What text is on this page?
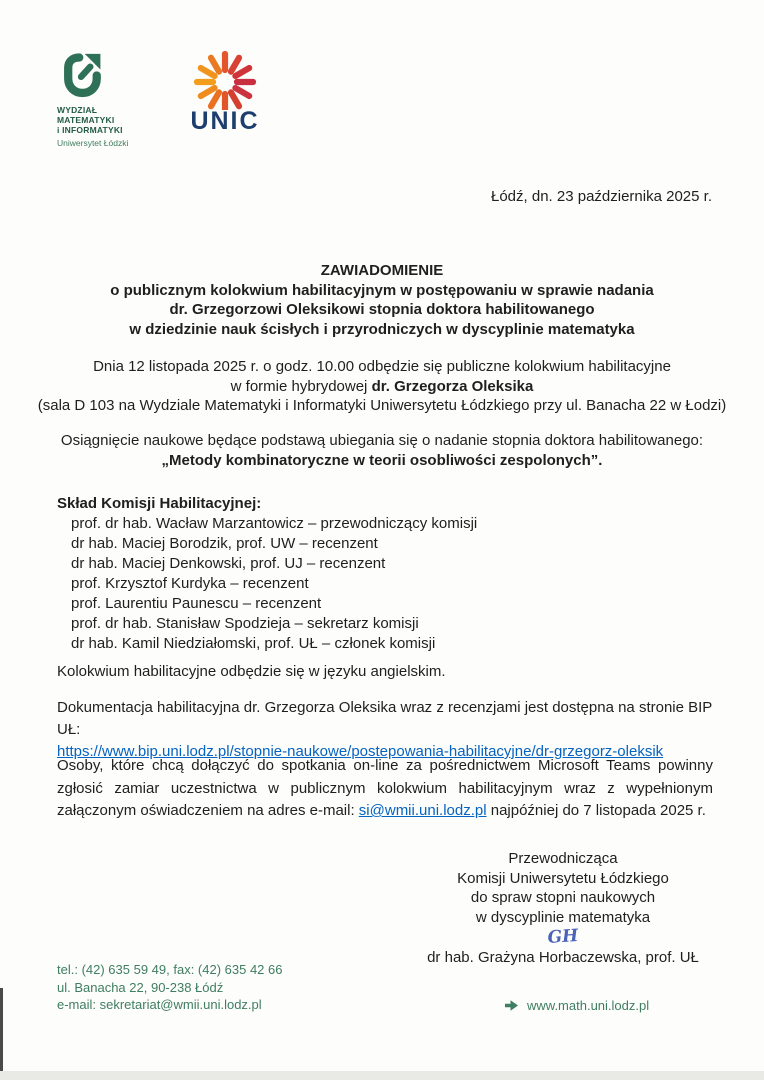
WYDZIAŁ
MATEMATYKI
i INFORMATYKI
Uniwersytet Łódzki
UNIC
Łódź, dn. 23 października 2025 r.
ZAWIADOMIENIE
o publicznym kolokwium habilitacyjnym w postępowaniu w sprawie nadania
dr. Grzegorzowi Oleksikowi stopnia doktora habilitowanego
w dziedzinie nauk ścisłych i przyrodniczych w dyscyplinie matematyka
Dnia 12 listopada 2025 r. o godz. 10.00 odbędzie się publiczne kolokwium habilitacyjne
w formie hybrydowej dr. Grzegorza Oleksika
(sala D 103 na Wydziale Matematyki i Informatyki Uniwersytetu Łódzkiego przy ul. Banacha 22 w Łodzi)
Osiągnięcie naukowe będące podstawą ubiegania się o nadanie stopnia doktora habilitowanego:
„Metody kombinatoryczne w teorii osobliwości zespolonych”.
Skład Komisji Habilitacyjnej:
prof. dr hab. Wacław Marzantowicz – przewodniczący komisji
dr hab. Maciej Borodzik, prof. UW – recenzent
dr hab. Maciej Denkowski, prof. UJ – recenzent
prof. Krzysztof Kurdyka – recenzent
prof. Laurentiu Paunescu – recenzent
prof. dr hab. Stanisław Spodzieja – sekretarz komisji
dr hab. Kamil Niedziałomski, prof. UŁ – członek komisji
Kolokwium habilitacyjne odbędzie się w języku angielskim.
Dokumentacja habilitacyjna dr. Grzegorza Oleksika wraz z recenzjami jest dostępna na stronie BIP UŁ:
https://www.bip.uni.lodz.pl/stopnie-naukowe/postepowania-habilitacyjne/dr-grzegorz-oleksik
Osoby, które chcą dołączyć do spotkania on-line za pośrednictwem Microsoft Teams powinny zgłosić zamiar uczestnictwa w publicznym kolokwium habilitacyjnym wraz z wypełnionym załączonym oświadczeniem na adres e-mail: si@wmii.uni.lodz.pl najpóźniej do 7 listopada 2025 r.
Przewodnicząca
Komisji Uniwersytetu Łódzkiego
do spraw stopni naukowych
w dyscyplinie matematyka
GH
dr hab. Grażyna Horbaczewska, prof. UŁ
tel.: (42) 635 59 49, fax: (42) 635 42 66
ul. Banacha 22, 90-238 Łódź
e-mail: sekretariat@wmii.uni.lodz.pl	www.math.uni.lodz.pl
